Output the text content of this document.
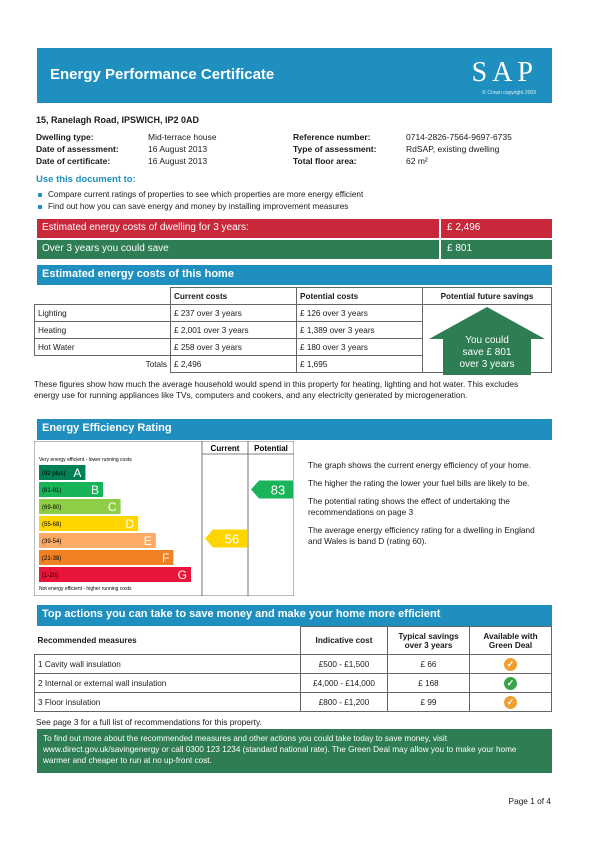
Energy Performance Certificate	SAP
© Crown copyright 2009
15, Ranelagh Road, IPSWICH, IP2 0AD
Dwelling type:	Mid-terrace house
Date of assessment:	16 August 2013
Date of certificate:	16 August 2013
Reference number:	0714-2826-7564-9697-6735
Type of assessment:	RdSAP, existing dwelling
Total floor area:	62 m²
Use this document to:
Compare current ratings of properties to see which properties are more energy efficient
Find out how you can save energy and money by installing improvement measures
Estimated energy costs of dwelling for 3 years:	£ 2,496
Over 3 years you could save	£ 801
Estimated energy costs of this home
	Current costs	Potential costs	Potential future savings
Lighting	£ 237 over 3 years	£ 126 over 3 years	
Heating	£ 2,001 over 3 years	£ 1,389 over 3 years	
Hot Water	£ 258 over 3 years	£ 180 over 3 years	
Totals	£ 2,496	£ 1,695	
You could
save £ 801
over 3 years
These figures show how much the average household would spend in this property for heating, lighting and hot water. This excludes energy use for running appliances like TVs, computers and cookers, and any electricity generated by microgeneration.
Energy Efficiency Rating
Current Potential
Very energy efficient - lower running costs
Not energy efficient - higher running costs
(92 plus) A
(81-91) B
(69-80)	C
(55-68)	D
(39-54)	E
(21-38)	F
(1-20)	G
56
83

The graph shows the current energy efficiency of your home.

The higher the rating the lower your fuel bills are likely to be.

The potential rating shows the effect of undertaking the recommendations on page 3

The average energy efficiency rating for a dwelling in England and Wales is band D (rating 60).

Top actions you can take to save money and make your home more efficient
Recommended measures	Indicative cost	Typical savings over 3 years	Available with Green Deal
1 Cavity wall insulation	£500 - £1,500	£ 66	✓
2 Internal or external wall insulation	£4,000 - £14,000	£ 168	✓
3 Floor insulation	£800 - £1,200	£ 99	✓
See page 3 for a full list of recommendations for this property.
To find out more about the recommended measures and other actions you could take today to save money, visit www.direct.gov.uk/savingenergy or call 0300 123 1234 (standard national rate). The Green Deal may allow you to make your home warmer and cheaper to run at no up-front cost.
Page 1 of 4
